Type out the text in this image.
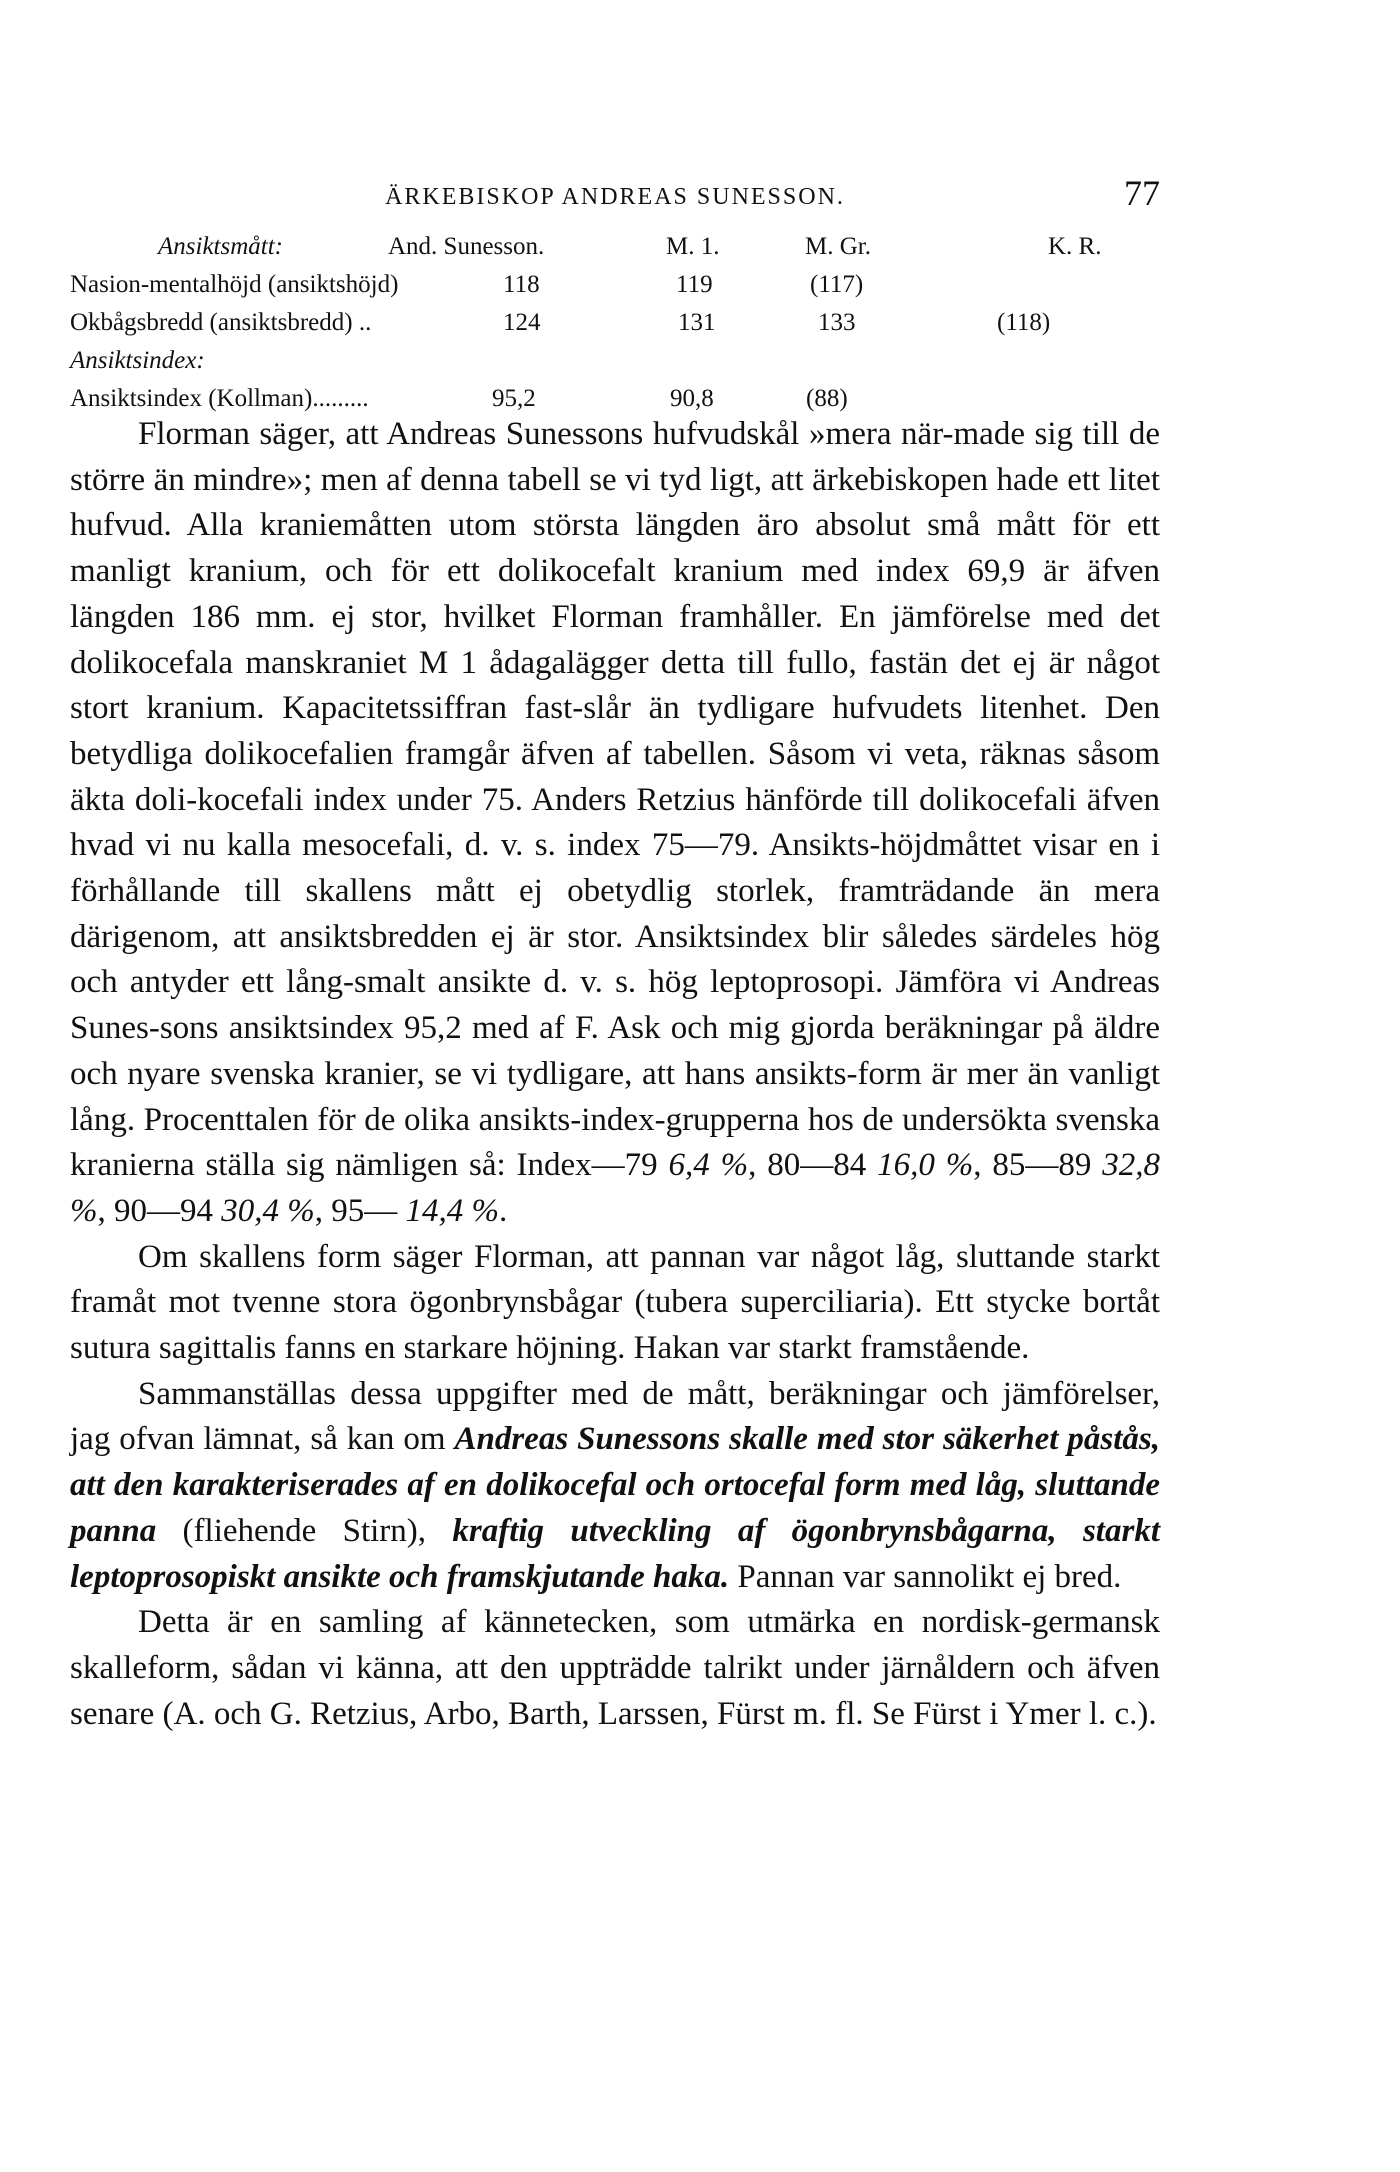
ÄRKEBISKOP ANDREAS SUNESSON.	77
Ansiktsmått:	And. Sunesson.	M. 1.	M. Gr.	K. R.
Nasion-mentalhöjd (ansiktshöjd)	118	119	(117)
Okbågsbredd (ansiktsbredd) ..	124	131	133	(118)
Ansiktsindex:
Ansiktsindex (Kollman).........	95,2	90,8	(88)

Florman säger, att Andreas Sunessons hufvudskål »mera när-made sig till de större än mindre»; men af denna tabell se vi tyd ligt, att ärkebiskopen hade ett litet hufvud. Alla kraniemåtten utom största längden äro absolut små mått för ett manligt kranium, och för ett dolikocefalt kranium med index 69,9 är äfven längden 186 mm. ej stor, hvilket Florman framhåller. En jämförelse med det dolikocefala manskraniet M 1 ådagalägger detta till fullo, fastän det ej är något stort kranium. Kapacitetssiffran fast-slår än tydligare hufvudets litenhet. Den betydliga dolikocefalien framgår äfven af tabellen. Såsom vi veta, räknas såsom äkta doli-kocefali index under 75. Anders Retzius hänförde till dolikocefali äfven hvad vi nu kalla mesocefali, d. v. s. index 75—79. Ansikts-höjdmåttet visar en i förhållande till skallens mått ej obetydlig storlek, framträdande än mera därigenom, att ansiktsbredden ej är stor. Ansiktsindex blir således särdeles hög och antyder ett lång-smalt ansikte d. v. s. hög leptoprosopi. Jämföra vi Andreas Sunes-sons ansiktsindex 95,2 med af F. Ask och mig gjorda beräkningar på äldre och nyare svenska kranier, se vi tydligare, att hans ansikts-form är mer än vanligt lång. Procenttalen för de olika ansikts-index-grupperna hos de undersökta svenska kranierna ställa sig nämligen så: Index—79 6,4 %, 80—84 16,0 %, 85—89 32,8 %, 90—94 30,4 %, 95— 14,4 %.

Om skallens form säger Florman, att pannan var något låg, sluttande starkt framåt mot tvenne stora ögonbrynsbågar (tubera superciliaria). Ett stycke bortåt sutura sagittalis fanns en starkare höjning. Hakan var starkt framstående.

Sammanställas dessa uppgifter med de mått, beräkningar och jämförelser, jag ofvan lämnat, så kan om Andreas Sunessons skalle med stor säkerhet påstås, att den karakteriserades af en dolikocefal och ortocefal form med låg, sluttande panna (fliehende Stirn), kraftig utveckling af ögonbrynsbågarna, starkt leptoprosopiskt ansikte och framskjutande haka. Pannan var sannolikt ej bred.

Detta är en samling af kännetecken, som utmärka en nordisk-germansk skalleform, sådan vi känna, att den uppträdde talrikt under järnåldern och äfven senare (A. och G. Retzius, Arbo, Barth, Larssen, Fürst m. fl. Se Fürst i Ymer l. c.).
